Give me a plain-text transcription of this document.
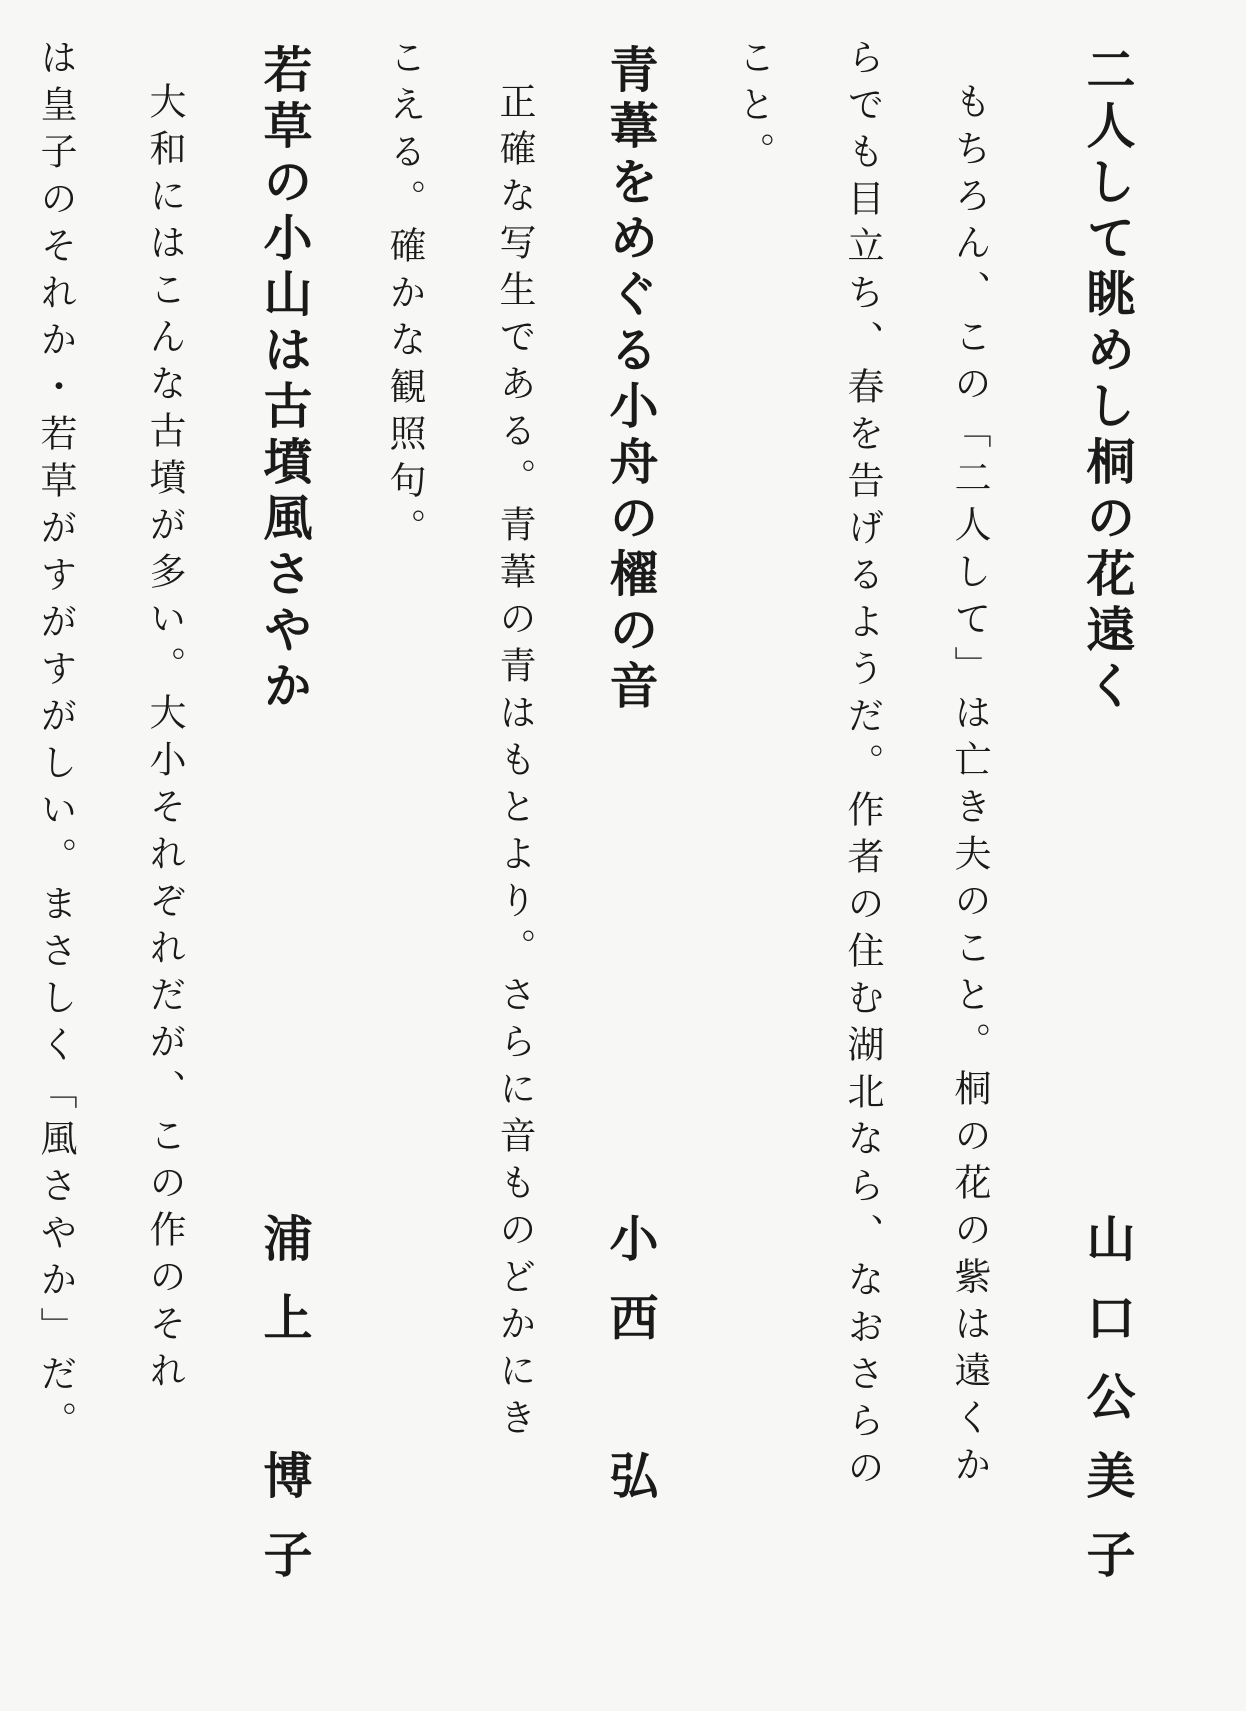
二人して眺めし桐の花遠く
山口公美子
もちろん、この「二人して」は亡き夫のこと。桐の花の紫は遠くか
らでも目立ち、春を告げるようだ。作者の住む湖北なら、なおさらの
こと。
青葦をめぐる小舟の櫂の音
小西　弘
正確な写生である。青葦の青はもとより。さらに音ものどかにき
こえる。確かな観照句。
若草の小山は古墳風さやか
浦上　博子
大和にはこんな古墳が多い。大小それぞれだが、この作のそれ
は皇子のそれか・若草がすがすがしい。まさしく「風さやか」だ。
